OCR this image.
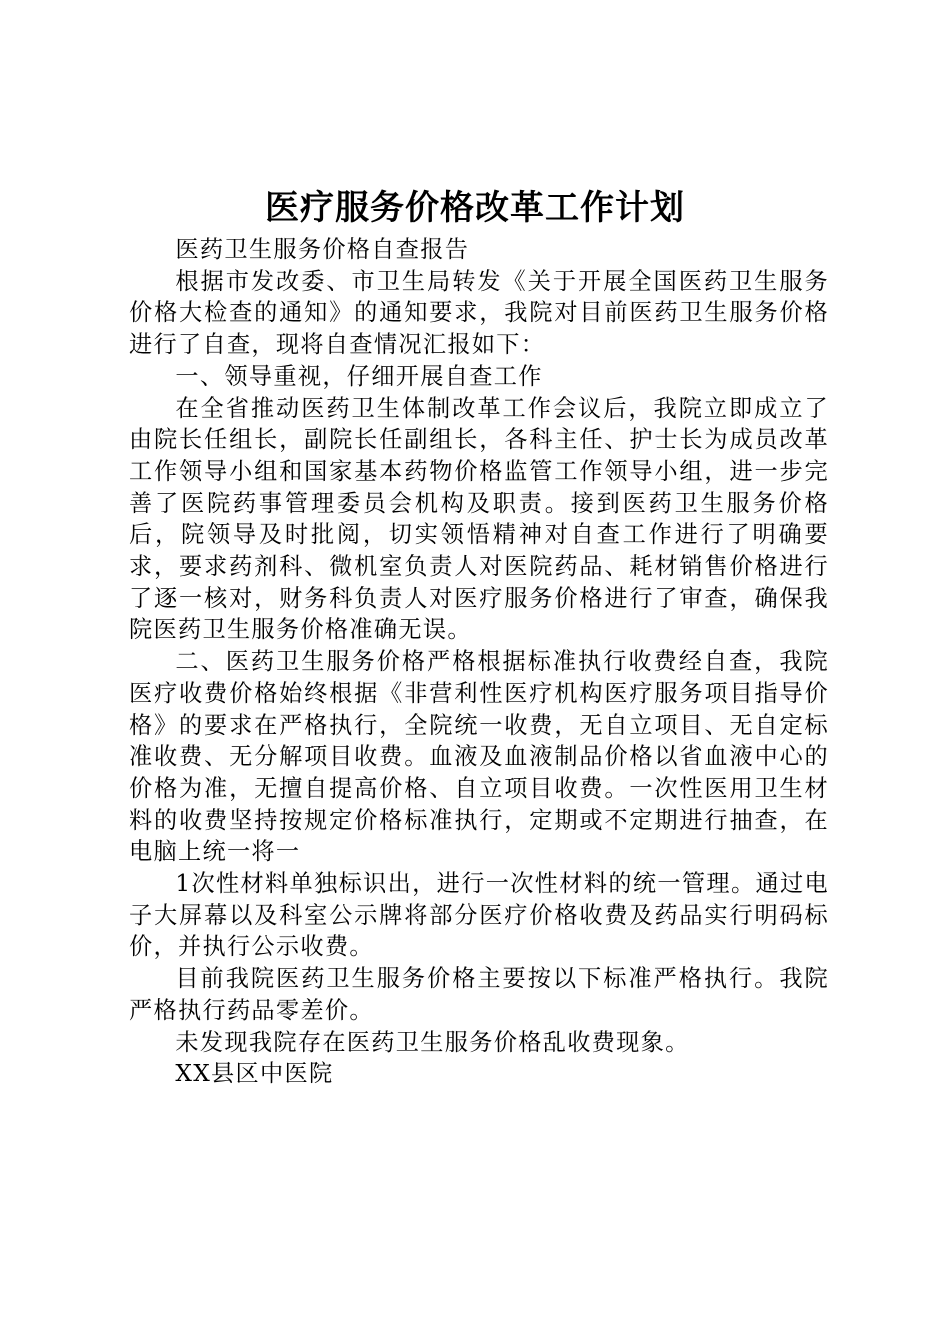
医疗服务价格改革工作计划

医药卫生服务价格自查报告

根据市发改委、市卫生局转发《关于开展全国医药卫生服务价格大检查的通知》的通知要求，我院对目前医药卫生服务价格进行了自查，现将自查情况汇报如下：

一、领导重视，仔细开展自查工作

在全省推动医药卫生体制改革工作会议后，我院立即成立了由院长任组长，副院长任副组长，各科主任、护士长为成员改革工作领导小组和国家基本药物价格监管工作领导小组，进一步完善了医院药事管理委员会机构及职责。接到医药卫生服务价格后，院领导及时批阅，切实领悟精神对自查工作进行了明确要求，要求药剂科、微机室负责人对医院药品、耗材销售价格进行了逐一核对，财务科负责人对医疗服务价格进行了审查，确保我院医药卫生服务价格准确无误。

二、医药卫生服务价格严格根据标准执行收费经自查，我院医疗收费价格始终根据《非营利性医疗机构医疗服务项目指导价格》的要求在严格执行，全院统一收费，无自立项目、无自定标准收费、无分解项目收费。血液及血液制品价格以省血液中心的价格为准，无擅自提高价格、自立项目收费。一次性医用卫生材料的收费坚持按规定价格标准执行，定期或不定期进行抽查，在电脑上统一将一

1次性材料单独标识出，进行一次性材料的统一管理。通过电子大屏幕以及科室公示牌将部分医疗价格收费及药品实行明码标价，并执行公示收费。

目前我院医药卫生服务价格主要按以下标准严格执行。我院严格执行药品零差价。

未发现我院存在医药卫生服务价格乱收费现象。

XX县区中医院
